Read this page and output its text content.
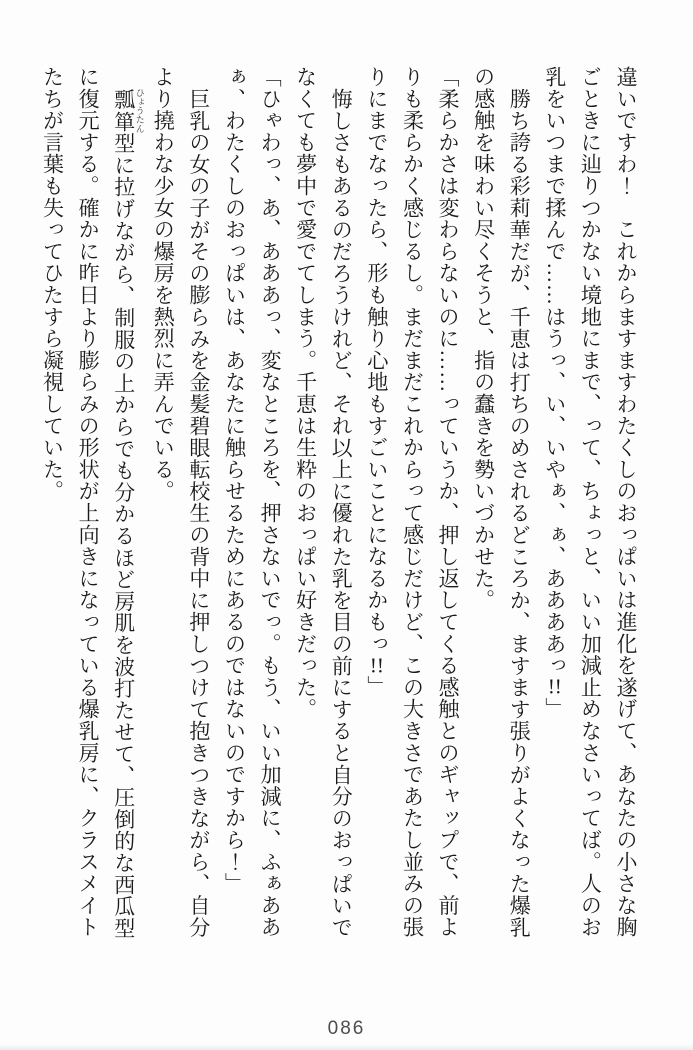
違いですわ！　これからますますわたくしのおっぱいは進化を遂げて、あなたの小さな胸
ごときに辿りつかない境地にまで、って、ちょっと、いい加減止めなさいってば。人のお
乳をいつまで揉んで……はうっ、い、いやぁ、ぁ、ああああっ!!」
勝ち誇る彩莉華だが、千恵は打ちのめされるどころか、ますます張りがよくなった爆乳
の感触を味わい尽くそうと、指の蠢きを勢いづかせた。
「柔らかさは変わらないのに……っていうか、押し返してくる感触とのギャップで、前よ
りも柔らかく感じるし。まだまだこれからって感じだけど、この大きさであたし並みの張
りにまでなったら、形も触り心地もすごいことになるかもっ!!」
悔しさもあるのだろうけれど、それ以上に優れた乳を目の前にすると自分のおっぱいで
なくても夢中で愛でてしまう。千恵は生粋のおっぱい好きだった。
「ひゃわっ、あ、あああっ、変なところを、押さないでっ。もう、いい加減に、ふぁああ
ぁ、わたくしのおっぱいは、あなたに触らせるためにあるのではないのですから！」
巨乳の女の子がその膨らみを金髪碧眼転校生の背中に押しつけて抱きつきながら、自分
より撓わな少女の爆房を熱烈に弄んでいる。
瓢箪 ひょうたん型に拉げながら、制服の上からでも分かるほど房肌を波打たせて、圧倒的な西瓜型
に復元する。確かに昨日より膨らみの形状が上向きになっている爆乳房に、クラスメイト
たちが言葉も失ってひたすら凝視していた。
086
